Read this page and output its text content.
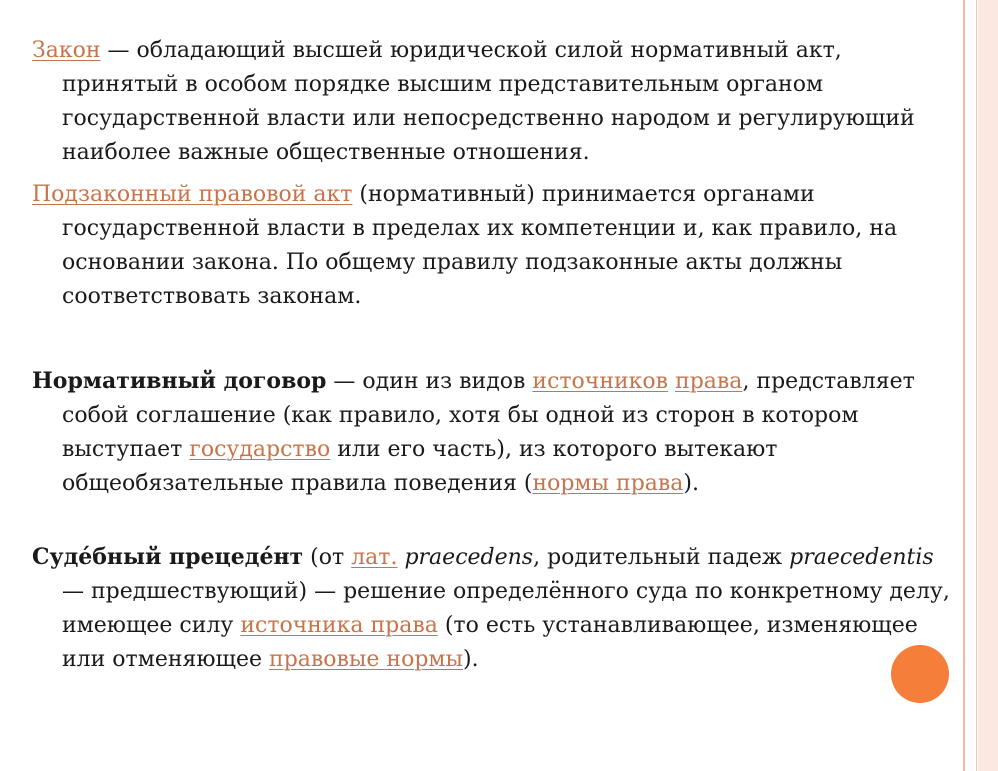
Закон — обладающий высшей юридической силой нормативный акт, принятый в особом порядке высшим представительным органом государственной власти или непосредственно народом и регулирующий наиболее важные общественные отношения.

Подзаконный правовой акт (нормативный) принимается органами государственной власти в пределах их компетенции и, как правило, на основании закона. По общему правилу подзаконные акты должны соответствовать законам.

Нормативный договор — один из видов источников права, представляет собой соглашение (как правило, хотя бы одной из сторон в котором выступает государство или его часть), из которого вытекают общеобязательные правила поведения (нормы права).

Суде́бный прецеде́нт (от лат. praecedens, родительный падеж praecedentis — предшествующий) — решение определённого суда по конкретному делу, имеющее силу источника права (то есть устанавливающее, изменяющее или отменяющее правовые нормы).
